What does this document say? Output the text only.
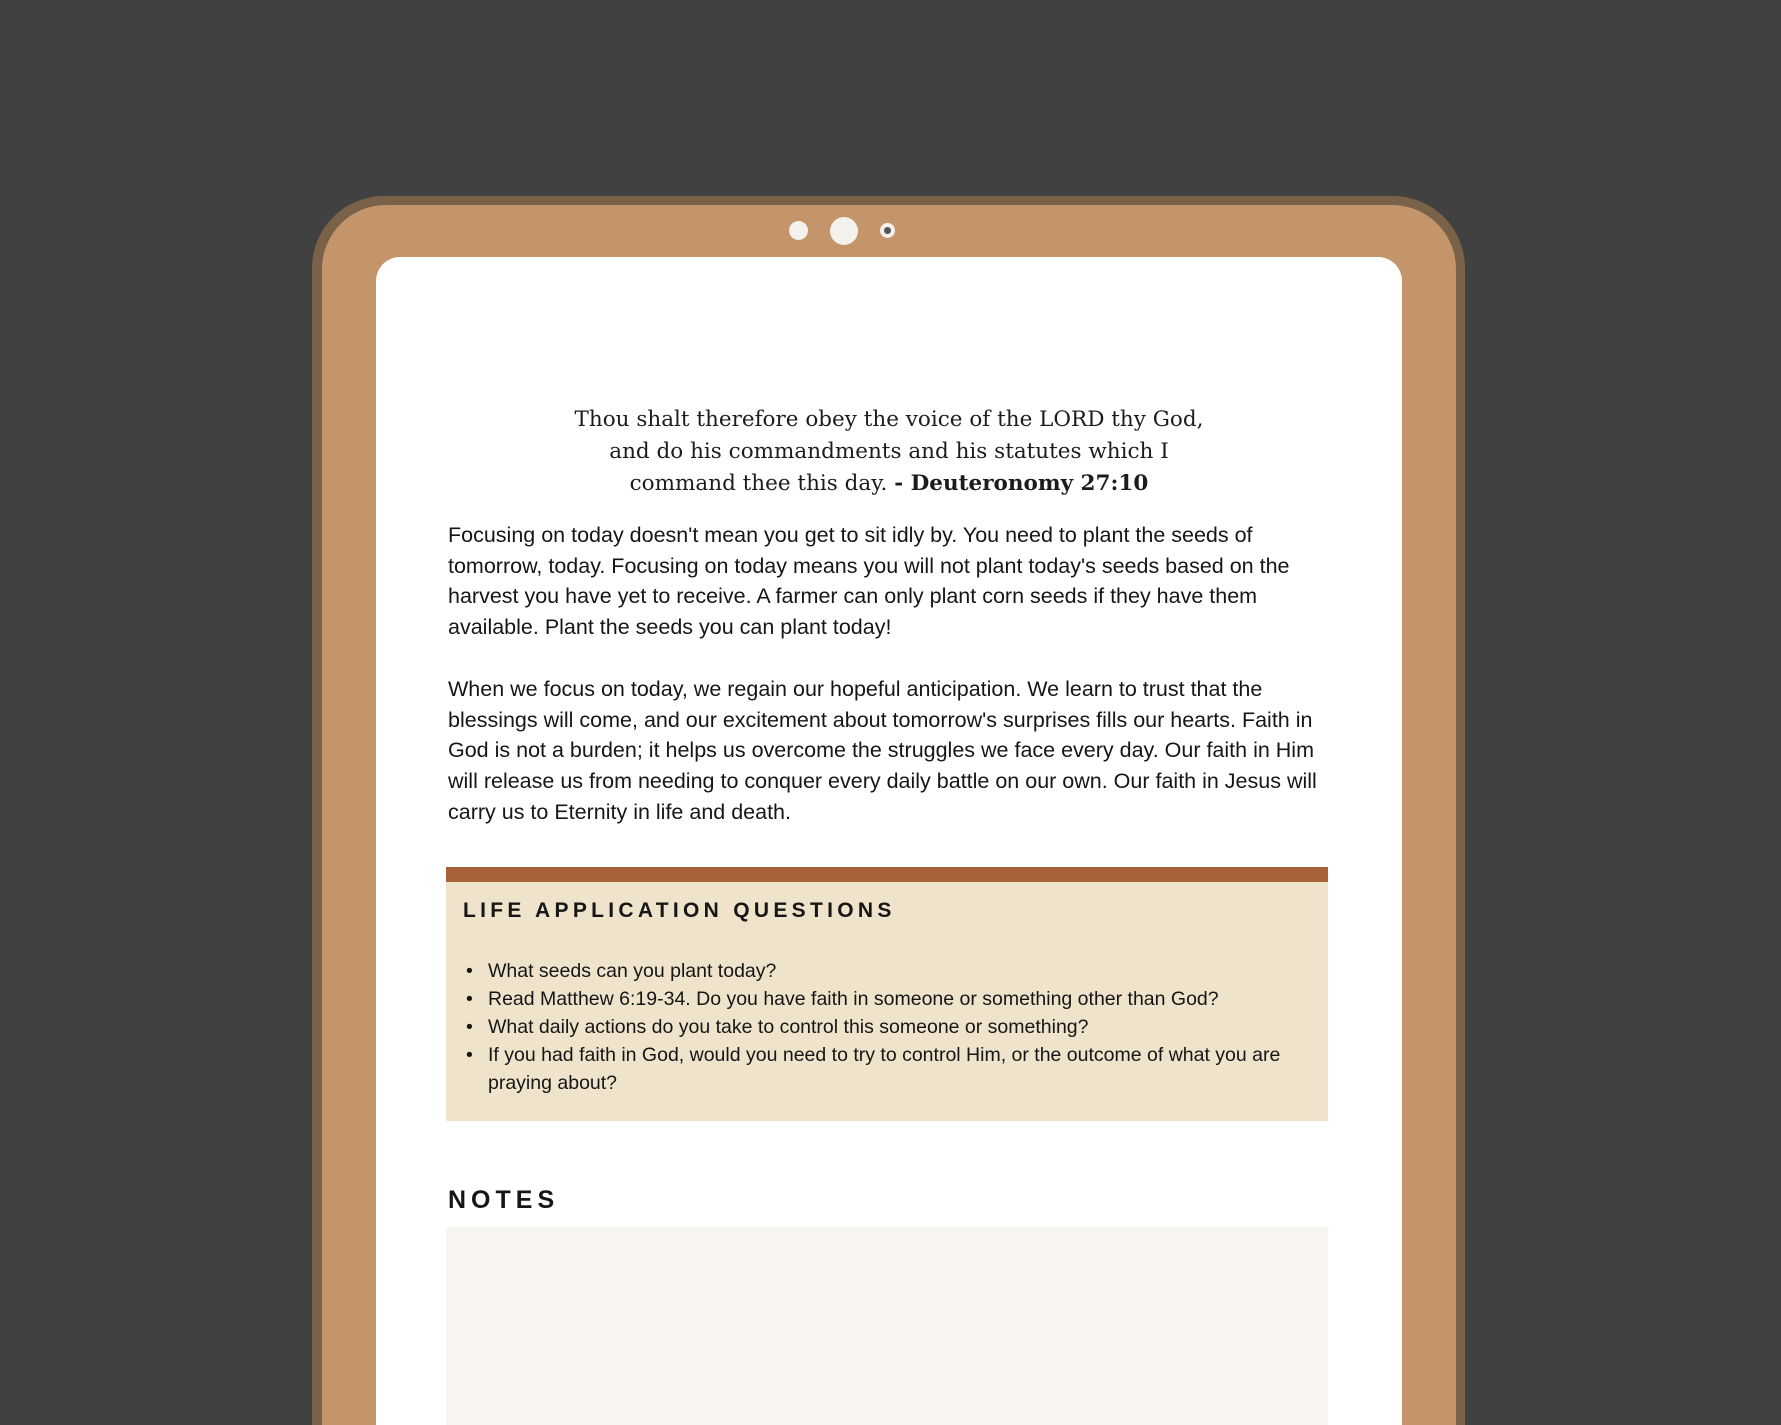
Thou shalt therefore obey the voice of the LORD thy God,
and do his commandments and his statutes which I
command thee this day. - Deuteronomy 27:10
Focusing on today doesn't mean you get to sit idly by. You need to plant the seeds of tomorrow, today. Focusing on today means you will not plant today's seeds based on the harvest you have yet to receive. A farmer can only plant corn seeds if they have them available. Plant the seeds you can plant today!
When we focus on today, we regain our hopeful anticipation. We learn to trust that the blessings will come, and our excitement about tomorrow's surprises fills our hearts. Faith in God is not a burden; it helps us overcome the struggles we face every day. Our faith in Him will release us from needing to conquer every daily battle on our own. Our faith in Jesus will carry us to Eternity in life and death.
LIFE APPLICATION QUESTIONS
• What seeds can you plant today?
• Read Matthew 6:19-34. Do you have faith in someone or something other than God?
• What daily actions do you take to control this someone or something?
• If you had faith in God, would you need to try to control Him, or the outcome of what you are praying about?
NOTES
